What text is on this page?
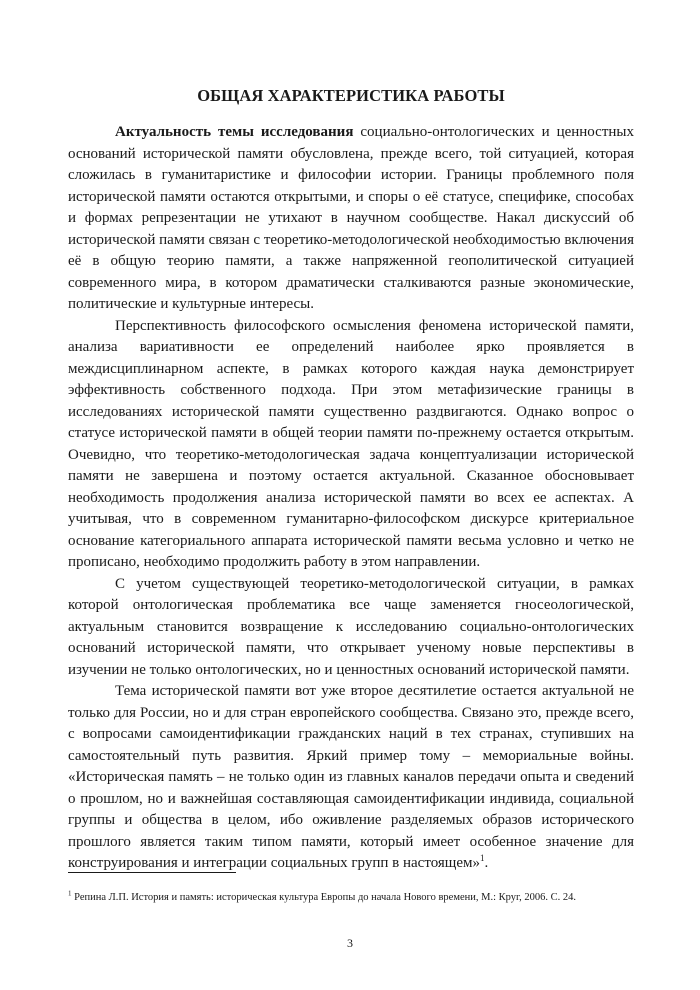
ОБЩАЯ ХАРАКТЕРИСТИКА РАБОТЫ

Актуальность темы исследования социально-онтологических и ценностных оснований исторической памяти обусловлена, прежде всего, той ситуацией, которая сложилась в гуманитаристике и философии истории. Границы проблемного поля исторической памяти остаются открытыми, и споры о её статусе, специфике, способах и формах репрезентации не утихают в научном сообществе. Накал дискуссий об исторической памяти связан с теоретико-методологической необходимостью включения её в общую теорию памяти, а также напряженной геополитической ситуацией современного мира, в котором драматически сталкиваются разные экономические, политические и культурные интересы.

Перспективность философского осмысления феномена исторической памяти, анализа вариативности ее определений наиболее ярко проявляется в междисциплинарном аспекте, в рамках которого каждая наука демонстрирует эффективность собственного подхода. При этом метафизические границы в исследованиях исторической памяти существенно раздвигаются. Однако вопрос о статусе исторической памяти в общей теории памяти по-прежнему остается открытым. Очевидно, что теоретико-методологическая задача концептуализации исторической памяти не завершена и поэтому остается актуальной. Сказанное обосновывает необходимость продолжения анализа исторической памяти во всех ее аспектах. А учитывая, что в современном гуманитарно-философском дискурсе критериальное основание категориального аппарата исторической памяти весьма условно и четко не прописано, необходимо продолжить работу в этом направлении.

С учетом существующей теоретико-методологической ситуации, в рамках которой онтологическая проблематика все чаще заменяется гносеологической, актуальным становится возвращение к исследованию социально-онтологических оснований исторической памяти, что открывает ученому новые перспективы в изучении не только онтологических, но и ценностных оснований исторической памяти.

Тема исторической памяти вот уже второе десятилетие остается актуальной не только для России, но и для стран европейского сообщества. Связано это, прежде всего, с вопросами самоидентификации гражданских наций в тех странах, ступивших на самостоятельный путь развития. Яркий пример тому – мемориальные войны. «Историческая память – не только один из главных каналов передачи опыта и сведений о прошлом, но и важнейшая составляющая самоидентификации индивида, социальной группы и общества в целом, ибо оживление разделяемых образов исторического прошлого является таким типом памяти, который имеет особенное значение для конструирования и интеграции социальных групп в настоящем»$^1$.

$^1$ Репина Л.П. История и память: историческая культура Европы до начала Нового времени, М.: Круг, 2006. С. 24.
3
